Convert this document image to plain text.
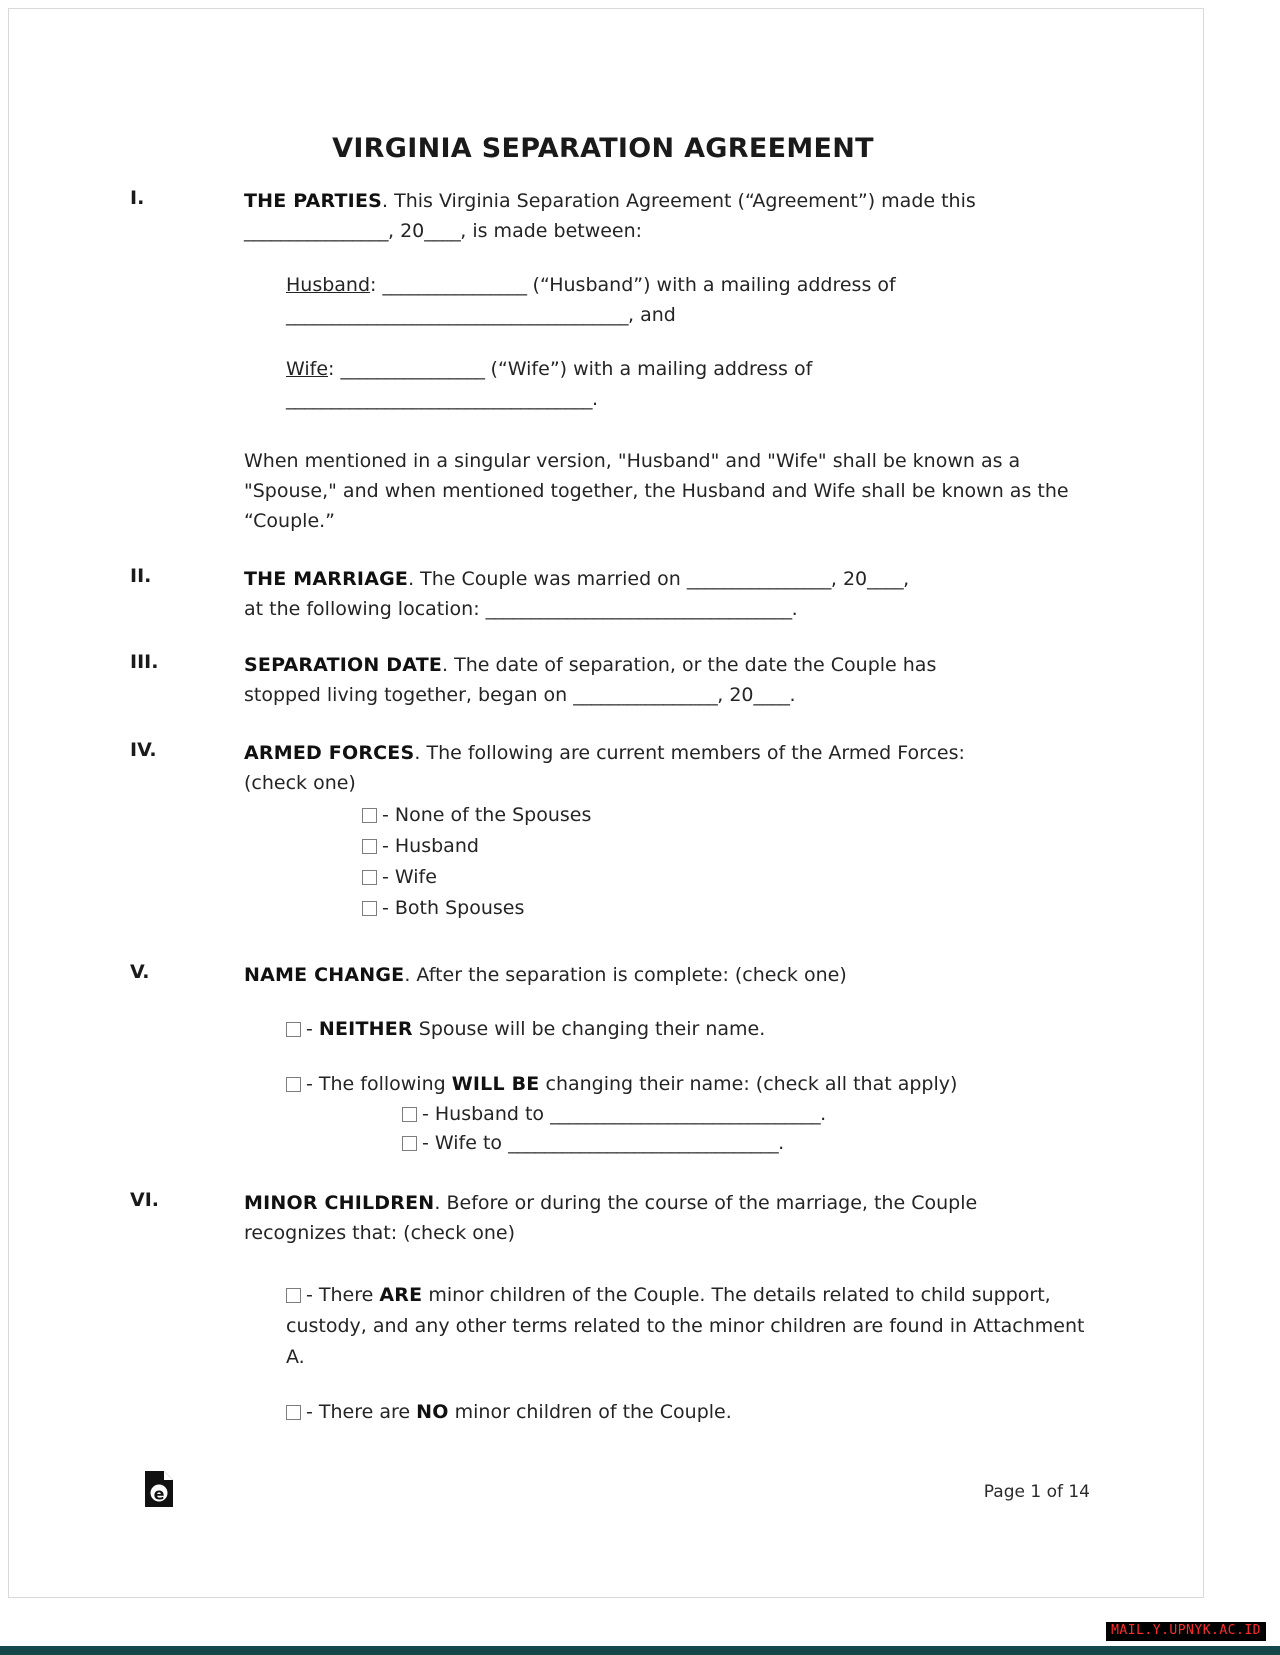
VIRGINIA SEPARATION AGREEMENT
I.	THE PARTIES. This Virginia Separation Agreement (“Agreement”) made this ________________, 20____, is made between:
Husband: ________________ (“Husband”) with a mailing address of
______________________________________, and
Wife: ________________ (“Wife”) with a mailing address of
__________________________________.
When mentioned in a singular version, "Husband" and "Wife" shall be known as a "Spouse," and when mentioned together, the Husband and Wife shall be known as the “Couple.”
II.	THE MARRIAGE. The Couple was married on ________________, 20____,
at the following location: __________________________________.
III.	SEPARATION DATE. The date of separation, or the date the Couple has
stopped living together, began on ________________, 20____.
IV.	ARMED FORCES. The following are current members of the Armed Forces:
(check one)
- None of the Spouses
- Husband
- Wife
- Both Spouses
V.	NAME CHANGE. After the separation is complete: (check one)
- NEITHER Spouse will be changing their name.
- The following WILL BE changing their name: (check all that apply)
- Husband to ______________________________.
- Wife to ______________________________.
VI.	MINOR CHILDREN. Before or during the course of the marriage, the Couple
recognizes that: (check one)
- There ARE minor children of the Couple. The details related to child support, custody, and any other terms related to the minor children are found in Attachment A.
- There are NO minor children of the Couple.
e	Page 1 of 14
MAIL.Y.UPNYK.AC.ID
